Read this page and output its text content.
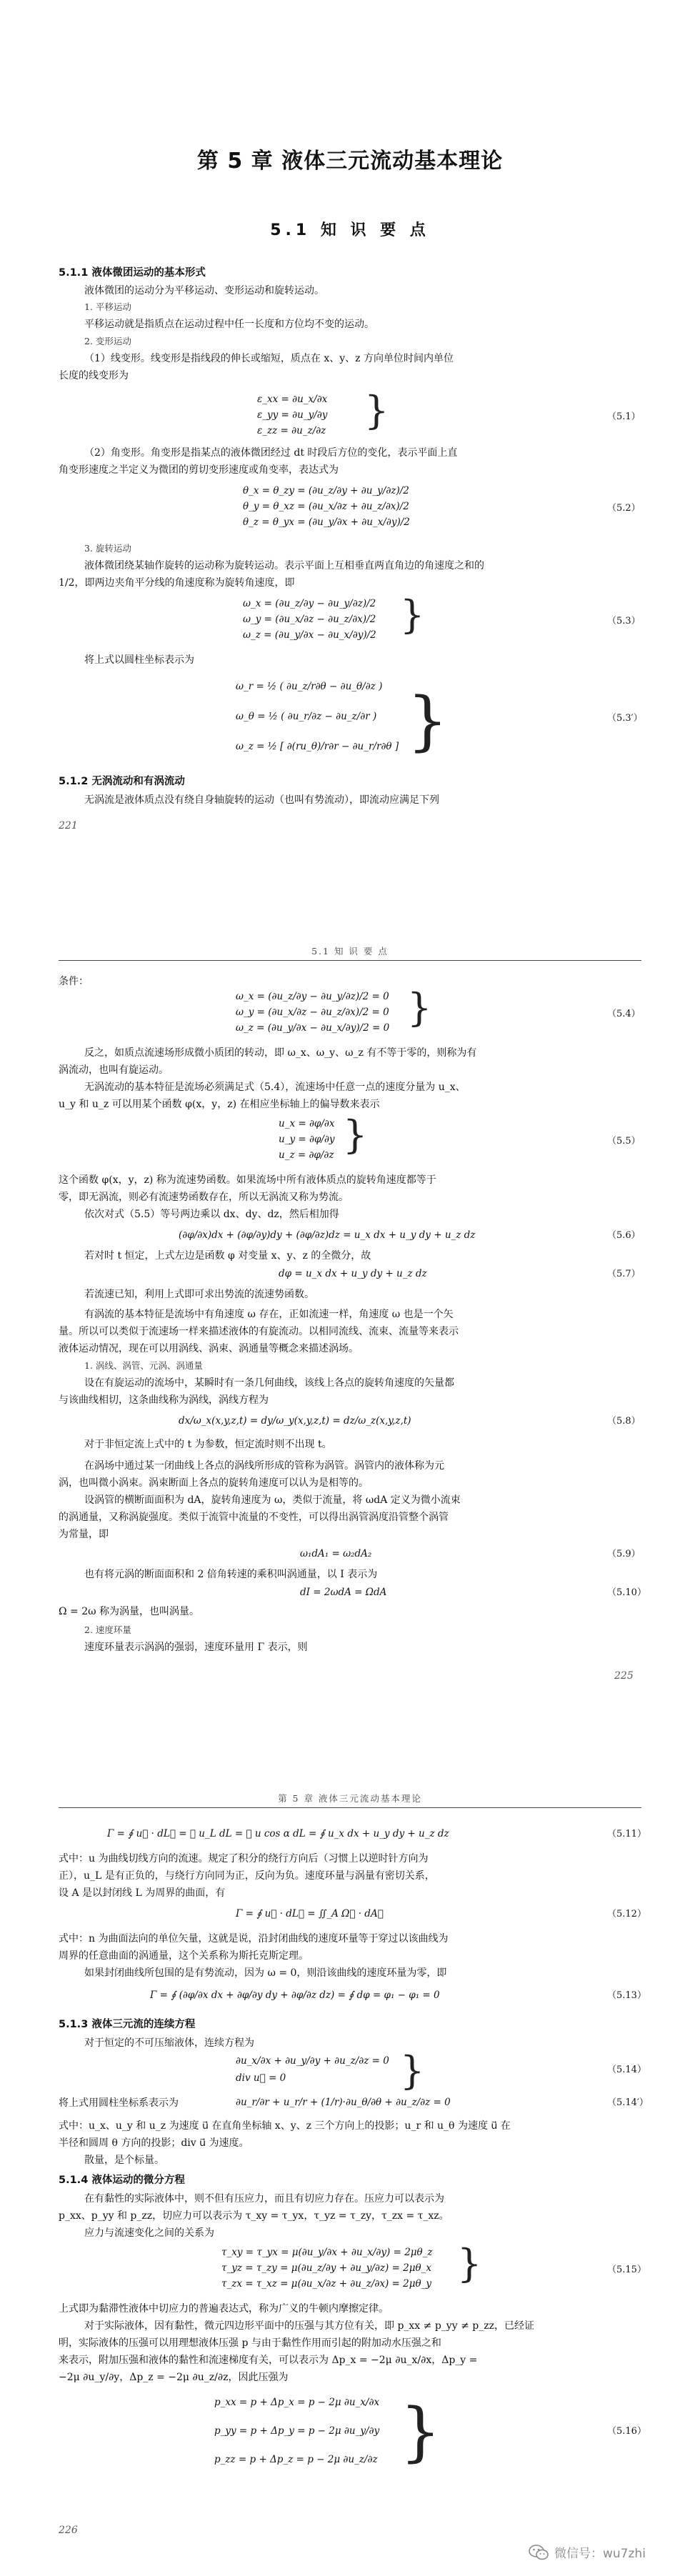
第 5 章 液体三元流动基本理论
5.1 知 识 要 点
5.1.1 液体微团运动的基本形式
液体微团的运动分为平移运动、变形运动和旋转运动。
1. 平移运动
平移运动就是指质点在运动过程中任一长度和方位均不变的运动。
2. 变形运动
（1）线变形。线变形是指线段的伸长或缩短，质点在 x、y、z 方向单位时间内单位
长度的线变形为
ε_xx = ∂u_x/∂x
ε_yy = ∂u_y/∂y
ε_zz = ∂u_z/∂z }	（5.1）
（2）角变形。角变形是指某点的液体微团经过 dt 时段后方位的变化，表示平面上直
角变形速度之半定义为微团的剪切变形速度或角变率，表达式为
θ_x = θ_zy = (∂u_z/∂y + ∂u_y/∂z)/2
θ_y = θ_xz = (∂u_x/∂z + ∂u_z/∂x)/2
θ_z = θ_yx = (∂u_y/∂x + ∂u_x/∂y)/2
（5.2）
3. 旋转运动
液体微团绕某轴作旋转的运动称为旋转运动。表示平面上互相垂直两直角边的角速度之和的
1/2，即两边夹角平分线的角速度称为旋转角速度，即
ω_x = (∂u_z/∂y − ∂u_y/∂z)/2
ω_y = (∂u_x/∂z − ∂u_z/∂x)/2
ω_z = (∂u_y/∂x − ∂u_x/∂y)/2 }	（5.3）
将上式以圆柱坐标表示为
ω_r = ½ ( ∂u_z/r∂θ − ∂u_θ/∂z )
ω_θ = ½ ( ∂u_r/∂z − ∂u_z/∂r )
ω_z = ½ [ ∂(ru_θ)/r∂r − ∂u_r/r∂θ ] }	（5.3′）
5.1.2 无涡流动和有涡流动
无涡流是液体质点没有绕自身轴旋转的运动（也叫有势流动），即流动应满足下列
221
5.1 知 识 要 点
条件：
ω_x = (∂u_z/∂y − ∂u_y/∂z)/2 = 0
ω_y = (∂u_x/∂z − ∂u_z/∂x)/2 = 0
ω_z = (∂u_y/∂x − ∂u_x/∂y)/2 = 0 }	（5.4）
反之，如质点流速场形成微小质团的转动，即 ω_x、ω_y、ω_z 有不等于零的，则称为有
涡流动，也叫有旋运动。
无涡流动的基本特征是流场必须满足式（5.4），流速场中任意一点的速度分量为 u_x、
u_y 和 u_z 可以用某个函数 φ(x，y，z) 在相应坐标轴上的偏导数来表示
u_x = ∂φ/∂x
u_y = ∂φ/∂y
u_z = ∂φ/∂z }	（5.5）
这个函数 φ(x，y，z) 称为流速势函数。如果流场中所有液体质点的旋转角速度都等于
零，即无涡流，则必有流速势函数存在，所以无涡流又称为势流。
依次对式（5.5）等号两边乘以 dx、dy、dz，然后相加得
(∂φ/∂x)dx + (∂φ/∂y)dy + (∂φ/∂z)dz = u_x dx + u_y dy + u_z dz	（5.6）
若对时 t 恒定，上式左边是函数 φ 对变量 x、y、z 的全微分，故
dφ = u_x dx + u_y dy + u_z dz	（5.7）
若流速已知，利用上式即可求出势流的流速势函数。
有涡流的基本特征是流场中有角速度 ω 存在，正如流速一样，角速度 ω 也是一个矢
量。所以可以类似于流速场一样来描述液体的有旋流动。以相同流线、流束、流量等来表示
液体运动情况，现在可以用涡线、涡束、涡通量等概念来描述涡场。
1. 涡线、涡管、元涡、涡通量
设在有旋运动的流场中，某瞬时有一条几何曲线，该线上各点的旋转角速度的矢量都
与该曲线相切，这条曲线称为涡线，涡线方程为
dx/ω_x(x,y,z,t) = dy/ω_y(x,y,z,t) = dz/ω_z(x,y,z,t)	（5.8）
对于非恒定流上式中的 t 为参数，恒定流时则不出现 t。
在涡场中通过某一闭曲线上各点的涡线所形成的管称为涡管。涡管内的液体称为元
涡，也叫微小涡束。涡束断面上各点的旋转角速度可以认为是相等的。
设涡管的横断面面积为 dA，旋转角速度为 ω，类似于流量，将 ωdA 定义为微小流束
的涡通量，又称涡旋强度。类似于流管中流量的不变性，可以得出涡管涡度沿管整个涡管
为常量，即
ω₁dA₁ = ω₂dA₂	（5.9）
也有将元涡的断面面积和 2 倍角转速的乘积叫涡通量，以 I 表示为
dI = 2ωdA = ΩdA	（5.10）
Ω = 2ω 称为涡量，也叫涡量。
2. 速度环量
速度环量表示涡涡的强弱，速度环量用 Γ 表示，则
225
第 5 章 液体三元流动基本理论
Γ = ∮ u⃗ · dL⃗ = ∮ u_L dL = ∮ u cos α dL = ∮ u_x dx + u_y dy + u_z dz	（5.11）
式中：u 为曲线切线方向的流速。规定了积分的绕行方向后（习惯上以逆时针方向为
正），u_L 是有正负的，与绕行方向同为正，反向为负。速度环量与涡量有密切关系，
设 A 是以封闭线 L 为周界的曲面，有
Γ = ∮ u⃗ · dL⃗ = ∬_A Ω⃗ · dA⃗	（5.12）
式中：n 为曲面法向的单位矢量，这就是说，沿封闭曲线的速度环量等于穿过以该曲线为
周界的任意曲面的涡通量，这个关系称为斯托克斯定理。
如果封闭曲线所包围的是有势流动，因为 ω = 0，则沿该曲线的速度环量为零，即
Γ = ∮ (∂φ/∂x dx + ∂φ/∂y dy + ∂φ/∂z dz) = ∮ dφ = φ₁ − φ₁ = 0	（5.13）
5.1.3 液体三元流的连续方程
对于恒定的不可压缩液体，连续方程为
∂u_x/∂x + ∂u_y/∂y + ∂u_z/∂z = 0
div u⃗ = 0	}	（5.14）
将上式用圆柱坐标系表示为	∂u_r/∂r + u_r/r + (1/r)·∂u_θ/∂θ + ∂u_z/∂z = 0	（5.14′）
式中：u_x、u_y 和 u_z 为速度 u⃗ 在直角坐标轴 x、y、z 三个方向上的投影；u_r 和 u_θ 为速度 u⃗ 在
半径和圆周 θ 方向的投影；div u⃗ 为速度。
散量，是个标量。
5.1.4 液体运动的微分方程
在有黏性的实际液体中，则不但有压应力，而且有切应力存在。压应力可以表示为
p_xx、p_yy 和 p_zz，切应力可以表示为 τ_xy = τ_yx，τ_yz = τ_zy，τ_zx = τ_xz。
应力与流速变化之间的关系为
τ_xy = τ_yx = μ(∂u_y/∂x + ∂u_x/∂y) = 2μθ_z
τ_yz = τ_zy = μ(∂u_z/∂y + ∂u_y/∂z) = 2μθ_x
τ_zx = τ_xz = μ(∂u_x/∂z + ∂u_z/∂x) = 2μθ_y }	（5.15）
上式即为黏滞性液体中切应力的普遍表达式，称为广义的牛顿内摩擦定律。
对于实际液体，因有黏性，微元四边形平面中的压强与其方位有关，即 p_xx ≠ p_yy ≠ p_zz，已经证
明，实际液体的压强可以用理想液体压强 p 与由于黏性作用而引起的附加动水压强之和
来表示，附加压强和液体的黏性和流速梯度有关，可以表示为 Δp_x = −2μ ∂u_x/∂x，Δp_y =
−2μ ∂u_y/∂y，Δp_z = −2μ ∂u_z/∂z，因此压强为
p_xx = p + Δp_x = p − 2μ ∂u_x/∂x
p_yy = p + Δp_y = p − 2μ ∂u_y/∂y
p_zz = p + Δp_z = p − 2μ ∂u_z/∂z }	（5.16）
226
微信号：wu7zhi
